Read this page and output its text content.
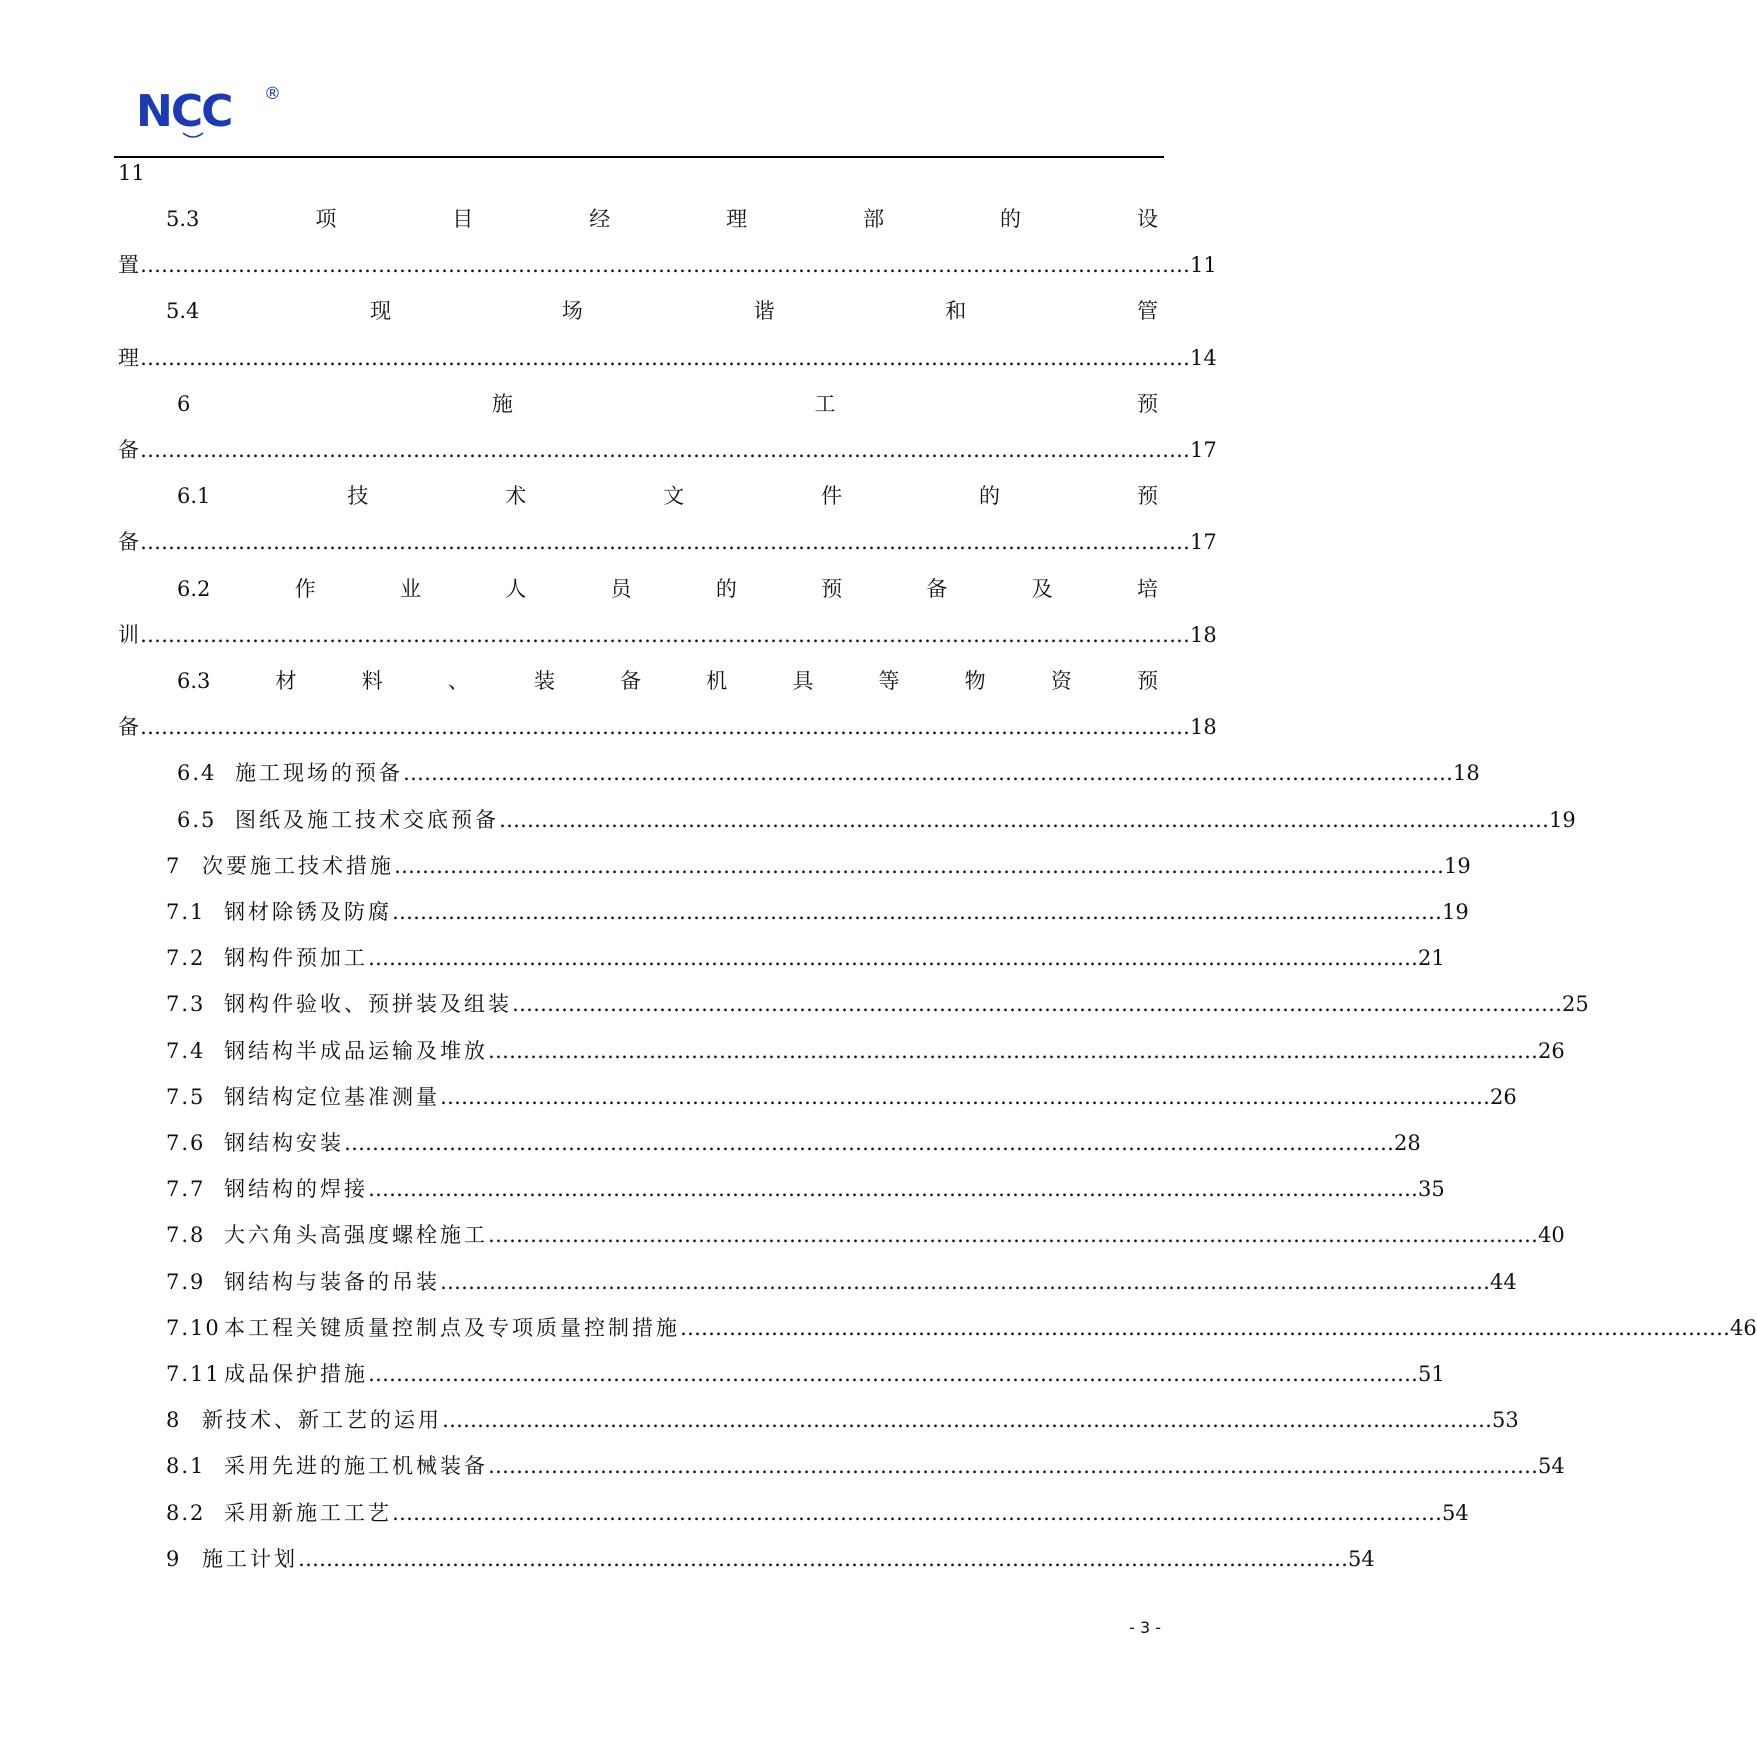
NCC ®
11
5.3	项	目	经	理	部	的	设
置 …………………………………………………………………………………………………………………………………… 11
5.4	现	场	谐	和	管
理 …………………………………………………………………………………………………………………………………… 14
6	施	工	预
备 …………………………………………………………………………………………………………………………………… 17
6.1	技	术	文	件	的	预
备 …………………………………………………………………………………………………………………………………… 17
6.2	作	业	人	员	的	预	备	及	培
训 …………………………………………………………………………………………………………………………………… 18
6.3	材	料	、	装	备	机	具	等	物	资	预
备 …………………………………………………………………………………………………………………………………… 18
6.4 施工现场的预备 …………………………………………………………………………………………………………………………………… 18
6.5 图纸及施工技术交底预备 …………………………………………………………………………………………………………………………………… 19
7 次要施工技术措施 …………………………………………………………………………………………………………………………………… 19
7.1 钢材除锈及防腐 …………………………………………………………………………………………………………………………………… 19
7.2 钢构件预加工 …………………………………………………………………………………………………………………………………… 21
7.3 钢构件验收、预拼装及组装 …………………………………………………………………………………………………………………………………… 25
7.4 钢结构半成品运输及堆放 …………………………………………………………………………………………………………………………………… 26
7.5 钢结构定位基准测量 …………………………………………………………………………………………………………………………………… 26
7.6 钢结构安装 …………………………………………………………………………………………………………………………………… 28
7.7 钢结构的焊接 …………………………………………………………………………………………………………………………………… 35
7.8 大六角头高强度螺栓施工 …………………………………………………………………………………………………………………………………… 40
7.9 钢结构与装备的吊装 …………………………………………………………………………………………………………………………………… 44
7.10 本工程关键质量控制点及专项质量控制措施 …………………………………………………………………………………………………………………………………… 46
7.11 成品保护措施 …………………………………………………………………………………………………………………………………… 51
8 新技术、新工艺的运用 …………………………………………………………………………………………………………………………………… 53
8.1 采用先进的施工机械装备 …………………………………………………………………………………………………………………………………… 54
8.2 采用新施工工艺 …………………………………………………………………………………………………………………………………… 54
9 施工计划 …………………………………………………………………………………………………………………………………… 54
- 3 -
